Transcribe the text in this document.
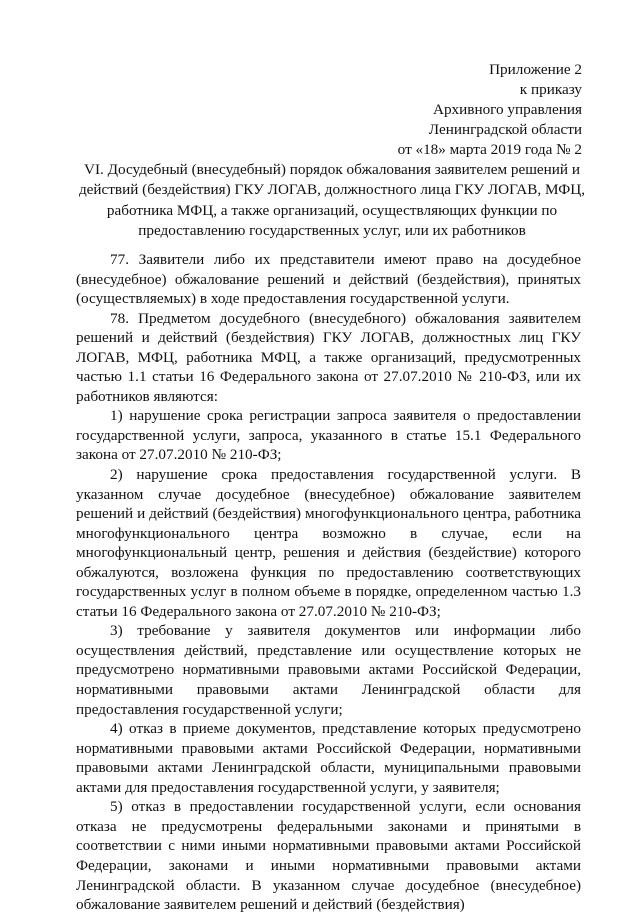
Приложение 2
к приказу
Архивного управления
Ленинградской области
от «18» марта 2019 года № 2
VI. Досудебный (внесудебный) порядок обжалования заявителем решений и действий (бездействия) ГКУ ЛОГАВ, должностного лица ГКУ ЛОГАВ, МФЦ, работника МФЦ, а также организаций, осуществляющих функции по предоставлению государственных услуг, или их работников

77. Заявители либо их представители имеют право на досудебное (внесудебное) обжалование решений и действий (бездействия), принятых (осуществляемых) в ходе предоставления государственной услуги.

78. Предметом досудебного (внесудебного) обжалования заявителем решений и действий (бездействия) ГКУ ЛОГАВ, должностных лиц ГКУ ЛОГАВ, МФЦ, работника МФЦ, а также организаций, предусмотренных частью 1.1 статьи 16 Федерального закона от 27.07.2010 № 210-ФЗ, или их работников являются:

1) нарушение срока регистрации запроса заявителя о предоставлении государственной услуги, запроса, указанного в статье 15.1 Федерального закона от 27.07.2010 № 210-ФЗ;

2) нарушение срока предоставления государственной услуги. В указанном случае досудебное (внесудебное) обжалование заявителем решений и действий (бездействия) многофункционального центра, работника многофункционального центра возможно в случае, если на многофункциональный центр, решения и действия (бездействие) которого обжалуются, возложена функция по предоставлению соответствующих государственных услуг в полном объеме в порядке, определенном частью 1.3 статьи 16 Федерального закона от 27.07.2010 № 210-ФЗ;

3) требование у заявителя документов или информации либо осуществления действий, представление или осуществление которых не предусмотрено нормативными правовыми актами Российской Федерации, нормативными правовыми актами Ленинградской области для предоставления государственной услуги;

4) отказ в приеме документов, представление которых предусмотрено нормативными правовыми актами Российской Федерации, нормативными правовыми актами Ленинградской области, муниципальными правовыми актами для предоставления государственной услуги, у заявителя;

5) отказ в предоставлении государственной услуги, если основания отказа не предусмотрены федеральными законами и принятыми в соответствии с ними иными нормативными правовыми актами Российской Федерации, законами и иными нормативными правовыми актами Ленинградской области. В указанном случае досудебное (внесудебное) обжалование заявителем решений и действий (бездействия)
